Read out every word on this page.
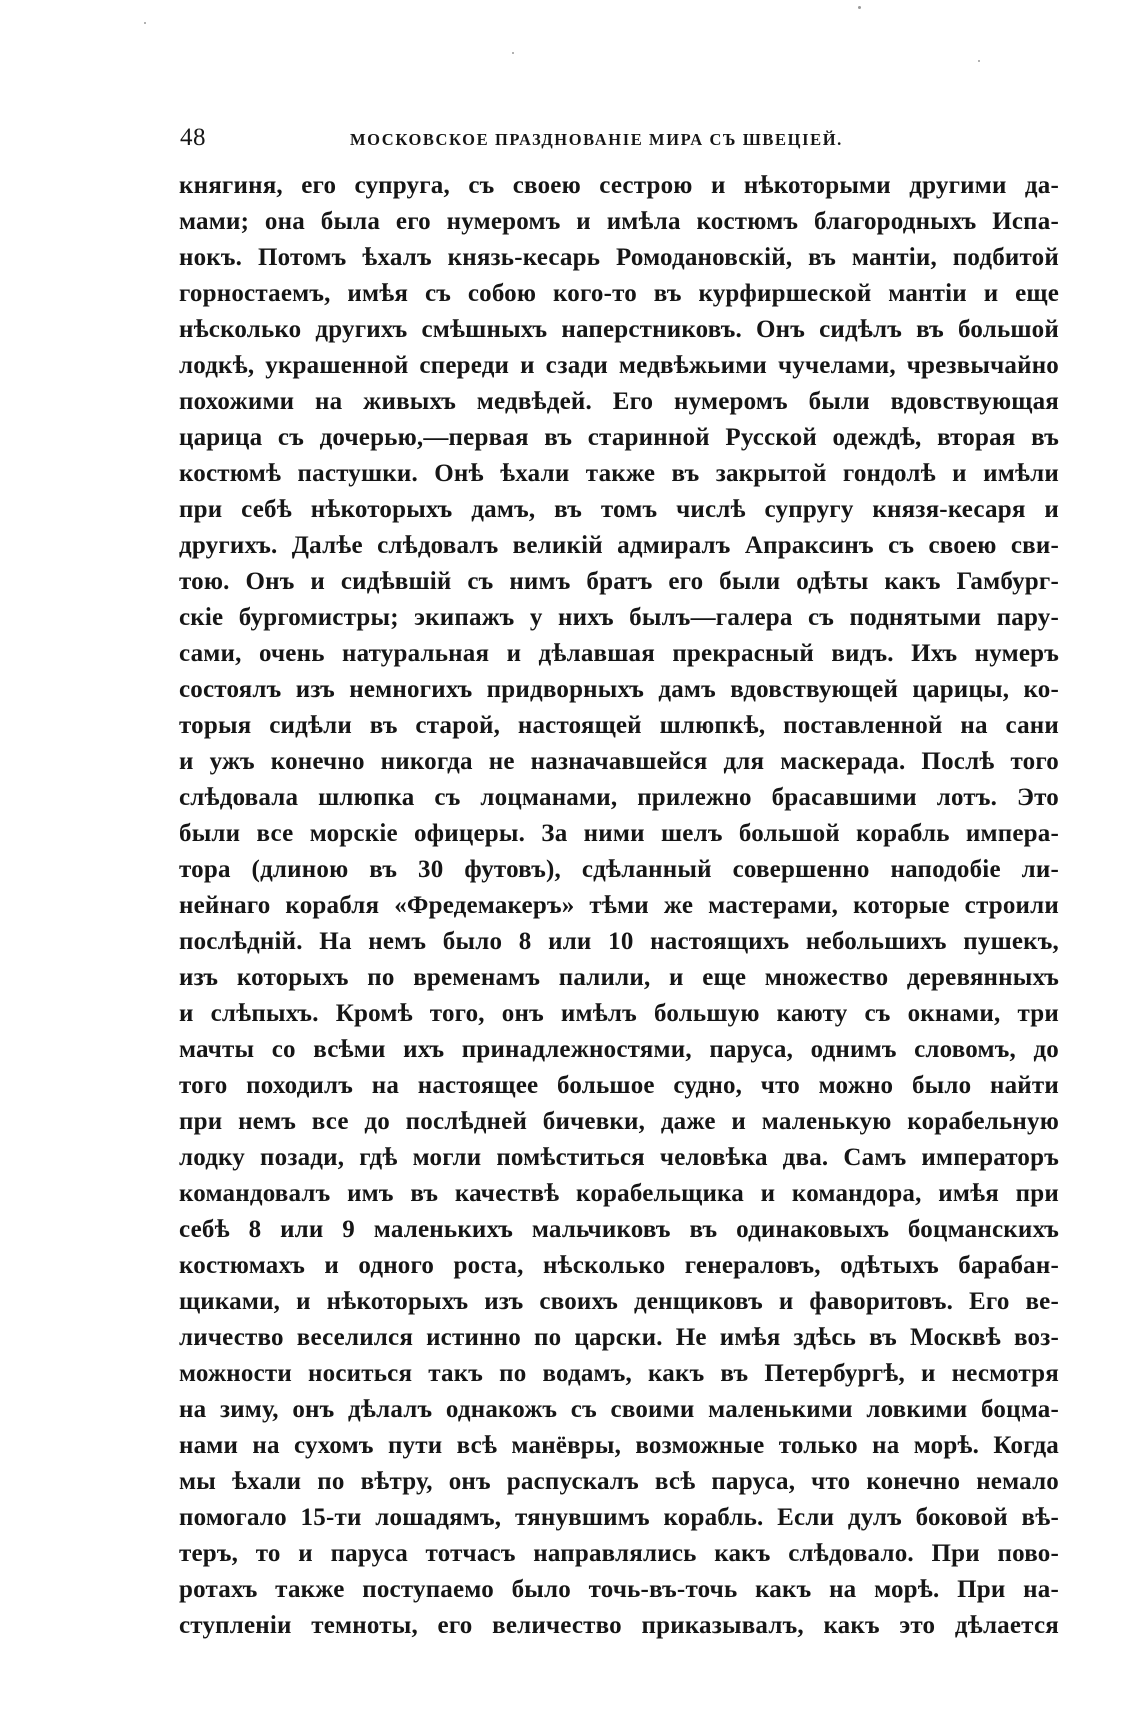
48	МОСКОВСКОЕ ПРАЗДНОВАНІЕ МИРА СЪ ШВЕЦІЕЙ.
княгиня, его супруга, съ своею сестрою и нѣкоторыми другими да-
мами; она была его нумеромъ и имѣла костюмъ благородныхъ Испа-
нокъ. Потомъ ѣхалъ князь-кесарь Ромодановскій, въ мантіи, подбитой
горностаемъ, имѣя съ собою кого-то въ курфиршеской мантіи и еще
нѣсколько другихъ смѣшныхъ наперстниковъ. Онъ сидѣлъ въ большой
лодкѣ, украшенной спереди и сзади медвѣжьими чучелами, чрезвычайно
похожими на живыхъ медвѣдей. Его нумеромъ были вдовствующая
царица съ дочерью,—первая въ старинной Русской одеждѣ, вторая въ
костюмѣ пастушки. Онѣ ѣхали также въ закрытой гондолѣ и имѣли
при себѣ нѣкоторыхъ дамъ, въ томъ числѣ супругу князя-кесаря и
другихъ. Далѣе слѣдовалъ великій адмиралъ Апраксинъ съ своею сви-
тою. Онъ и сидѣвшій съ нимъ братъ его были одѣты какъ Гамбург-
скіе бургомистры; экипажъ у нихъ былъ—галера съ поднятыми пару-
сами, очень натуральная и дѣлавшая прекрасный видъ. Ихъ нумеръ
состоялъ изъ немногихъ придворныхъ дамъ вдовствующей царицы, ко-
торыя сидѣли въ старой, настоящей шлюпкѣ, поставленной на сани
и ужъ конечно никогда не назначавшейся для маскерада. Послѣ того
слѣдовала шлюпка съ лоцманами, прилежно брасавшими лотъ. Это
были все морскіе офицеры. За ними шелъ большой корабль импера-
тора (длиною въ 30 футовъ), сдѣланный совершенно наподобіе ли-
нейнаго корабля «Фредемакеръ» тѣми же мастерами, которые строили
послѣдній. На немъ было 8 или 10 настоящихъ небольшихъ пушекъ,
изъ которыхъ по временамъ палили, и еще множество деревянныхъ
и слѣпыхъ. Кромѣ того, онъ имѣлъ большую каюту съ окнами, три
мачты со всѣми ихъ принадлежностями, паруса, однимъ словомъ, до
того походилъ на настоящее большое судно, что можно было найти
при немъ все до послѣдней бичевки, даже и маленькую корабельную
лодку позади, гдѣ могли помѣститься человѣка два. Самъ императоръ
командовалъ имъ въ качествѣ корабельщика и командора, имѣя при
себѣ 8 или 9 маленькихъ мальчиковъ въ одинаковыхъ боцманскихъ
костюмахъ и одного роста, нѣсколько генераловъ, одѣтыхъ барабан-
щиками, и нѣкоторыхъ изъ своихъ денщиковъ и фаворитовъ. Его ве-
личество веселился истинно по царски. Не имѣя здѣсь въ Москвѣ воз-
можности носиться такъ по водамъ, какъ въ Петербургѣ, и несмотря
на зиму, онъ дѣлалъ однакожъ съ своими маленькими ловкими боцма-
нами на сухомъ пути всѣ манёвры, возможные только на морѣ. Когда
мы ѣхали по вѣтру, онъ распускалъ всѣ паруса, что конечно немало
помогало 15-ти лошадямъ, тянувшимъ корабль. Если дулъ боковой вѣ-
теръ, то и паруса тотчасъ направлялись какъ слѣдовало. При пово-
ротахъ также поступаемо было точь-въ-точь какъ на морѣ. При на-
ступленіи темноты, его величество приказывалъ, какъ это дѣлается
